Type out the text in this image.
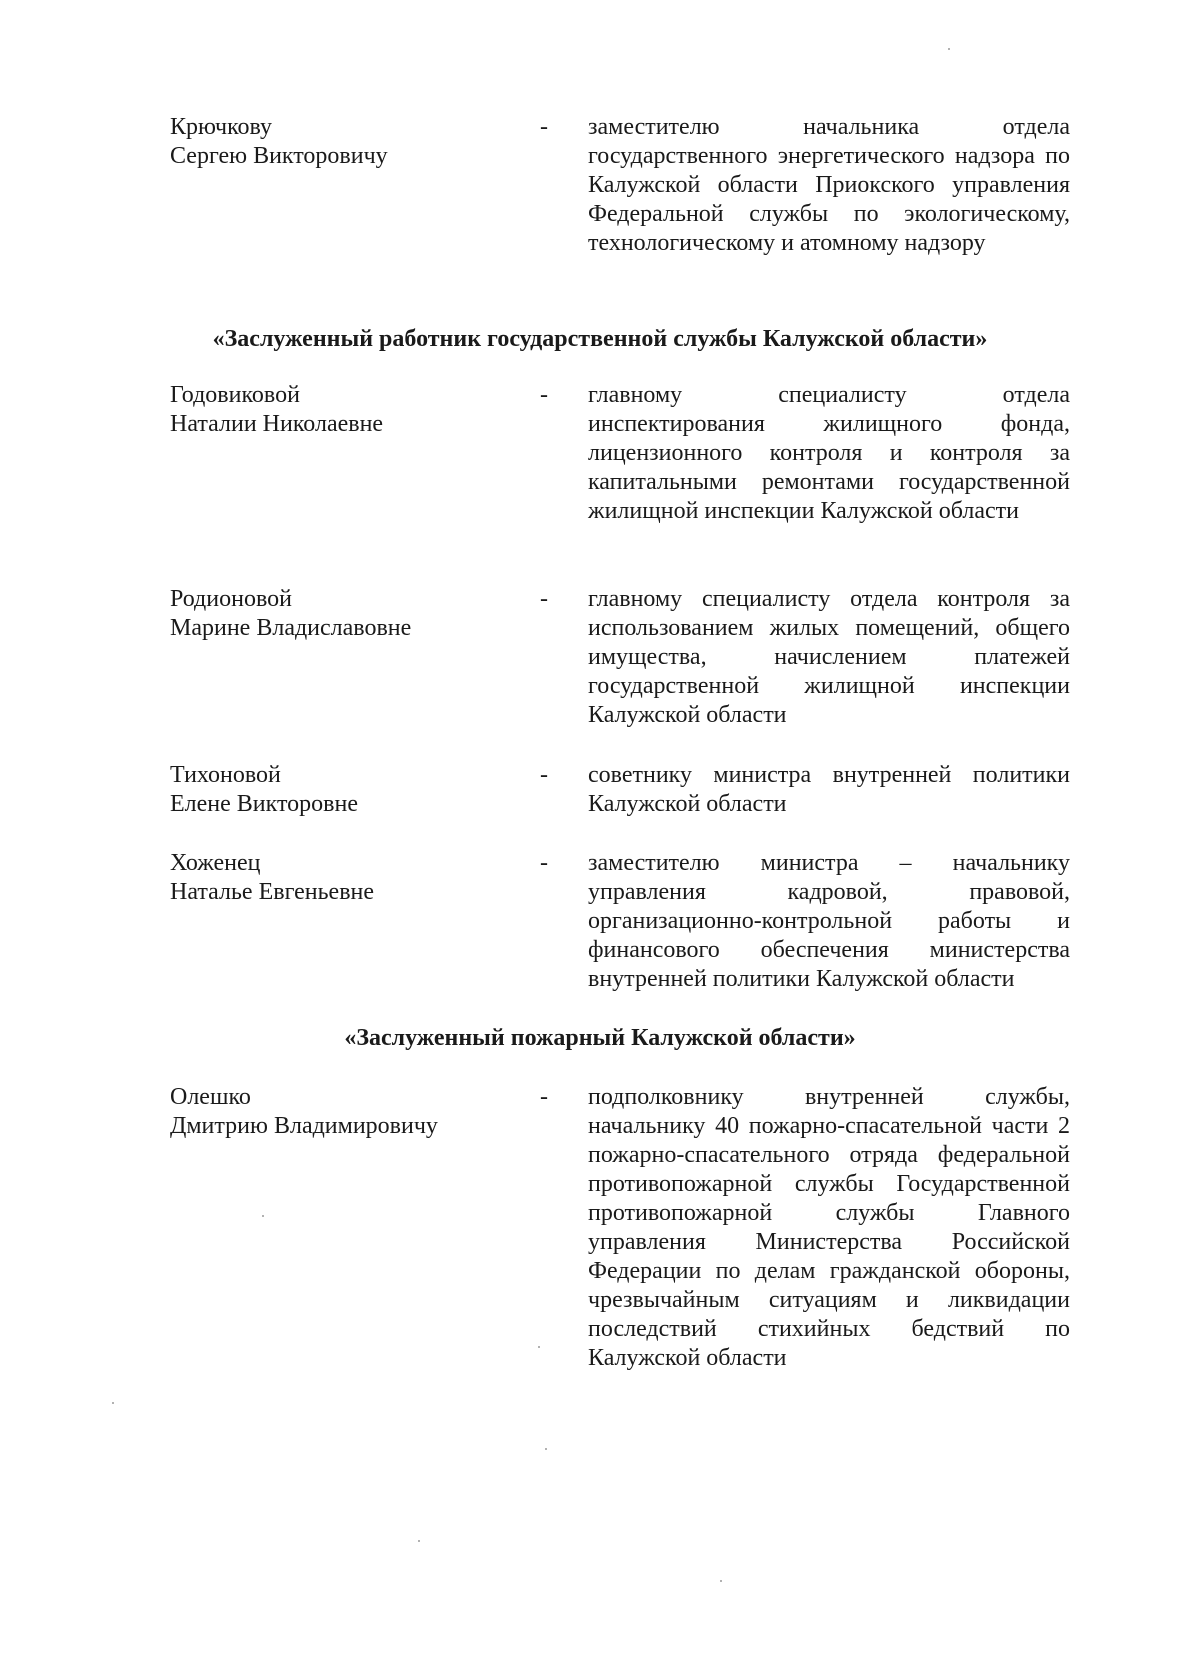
Крючкову
Сергею Викторовичу
- заместителю начальника отдела государственного энергетического надзора по Калужской области Приокского управления Федеральной службы по экологическому, технологическому и атомному надзору
«Заслуженный работник государственной службы Калужской области»
Годовиковой
Наталии Николаевне
- главному специалисту отдела инспектирования жилищного фонда, лицензионного контроля и контроля за капитальными ремонтами государственной жилищной инспекции Калужской области
Родионовой
Марине Владиславовне
- главному специалисту отдела контроля за использованием жилых помещений, общего имущества, начислением платежей государственной жилищной инспекции Калужской области
Тихоновой
Елене Викторовне
- советнику министра внутренней политики Калужской области
Хоженец
Наталье Евгеньевне
- заместителю министра – начальнику управления кадровой, правовой, организационно-контрольной работы и финансового обеспечения министерства внутренней политики Калужской области
«Заслуженный пожарный Калужской области»
Олешко
Дмитрию Владимировичу
- подполковнику внутренней службы, начальнику 40 пожарно-спасательной части 2 пожарно-спасательного отряда федеральной противопожарной службы Государственной противопожарной службы Главного управления Министерства Российской Федерации по делам гражданской обороны, чрезвычайным ситуациям и ликвидации последствий стихийных бедствий по Калужской области
